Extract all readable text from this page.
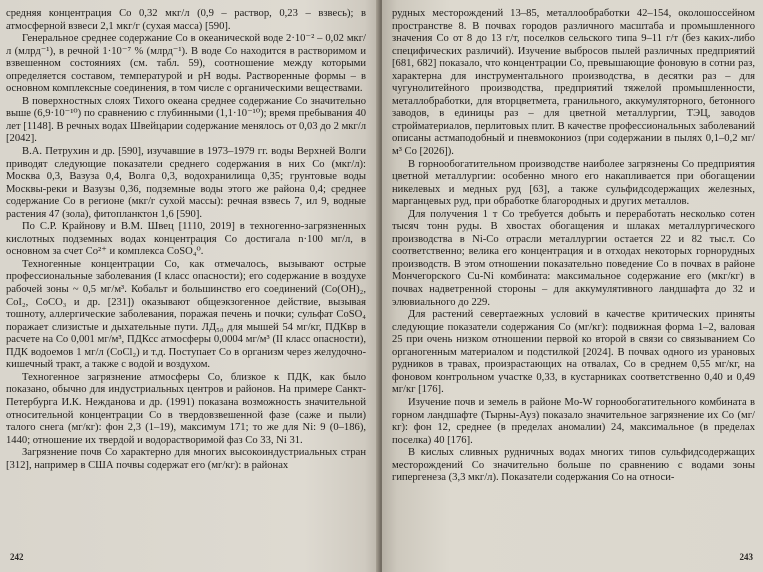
средняя концентрация Co 0,32 мкг/л (0,9 – раствор, 0,23 – взвесь); в атмосферной взвеси 2,1 мкг/г (сухая масса) [590].

Генеральное среднее содержание Co в океанической воде 2·10⁻² – 0,02 мкг/л (млрд⁻¹), в речной 1·10⁻⁷ % (млрд⁻¹). В воде Co находится в растворимом и взвешенном состояниях (см. табл. 59), соотношение между которыми определяется составом, температурой и pH воды. Растворенные формы – в основном комплексные соединения, в том числе с органическими веществами.

В поверхностных слоях Тихого океана среднее содержание Co значительно выше (6,9·10⁻¹⁰) по сравнению с глубинными (1,1·10⁻¹⁰); время пребывания 40 лет [1148]. В речных водах Швейцарии содержание менялось от 0,03 до 2 мкг/л [2042].

В.А. Петрухин и др. [590], изучавшие в 1973–1979 гг. воды Верхней Волги приводят следующие показатели среднего содержания в них Co (мкг/л): Москва 0,3, Вазуза 0,4, Волга 0,3, водохранилища 0,35; грунтовые воды Москвы-реки и Вазузы 0,36, подземные воды этого же района 0,4; среднее содержание Co в регионе (мкг/г сухой массы): речная взвесь 7, ил 9, водные растения 47 (зола), фитопланктон 1,6 [590].

По С.Р. Крайнову и В.М. Швец [1110, 2019] в техногенно-загрязненных кислотных подземных водах концентрация Co достигала n·100 мг/л, в основном за счет Co²⁺ и комплекса CoSO₄⁰.

Техногенные концентрации Co, как отмечалось, вызывают острые профессиональные заболевания (I класс опасности); его содержание в воздухе рабочей зоны ~ 0,5 мг/м³. Кобальт и большинство его соединений (Co(OH)₂, CoI₂, CoCO₃ и др. [231]) оказывают общеэкзогенное действие, вызывая тошноту, аллергические заболевания, поражая печень и почки; сульфат CoSO₄ поражает слизистые и дыхательные пути. ЛД₅₀ для мышей 54 мг/кг, ПДКвр в расчете на Co 0,001 мг/м³, ПДКсс атмосферы 0,0004 мг/м³ (II класс опасности), ПДК водоемов 1 мг/л (CoCl₂) и т.д. Поступает Co в организм через желудочно-кишечный тракт, а также с водой и воздухом.

Техногенное загрязнение атмосферы Co, близкое к ПДК, как было показано, обычно для индустриальных центров и районов. На примере Санкт-Петербурга И.К. Нежданова и др. (1991) показана возможность значительной относительной концентрации Co в твердовзвешенной фазе (саже и пыли) талого снега (мг/кг): фон 2,3 (1–19), максимум 171; то же для Ni: 9 (0–186), 1440; отношение их твердой и водорастворимой фаз Co 33, Ni 31.

Загрязнение почв Co характерно для многих высокоиндустриальных стран [312], например в США почвы содержат его (мг/кг): в районах

242

рудных месторождений 13–85, металлообработки 42–154, околошоссейном пространстве 8. В почвах городов различного масштаба и промышленного значения Co от 8 до 13 г/т, поселков сельского типа 9–11 г/т (без каких-либо специфических различий). Изучение выбросов пылей различных предприятий [681, 682] показало, что концентрации Co, превышающие фоновую в сотни раз, характерна для инструментального производства, в десятки раз – для чугунолитейного производства, предприятий тяжелой промышленности, металлобработки, для вторцветмета, гранильного, аккумуляторного, бетонного заводов, в единицы раз – для цветной металлургии, ТЭЦ, заводов стройматериалов, перлитовых плит. В качестве профессиональных заболеваний описаны астмаподобный и пневмокониоз (при содержании в пылях 0,1–0,2 мг/м³ Co [2026]).

В горнообогатительном производстве наиболее загрязнены Co предприятия цветной металлургии: особенно много его накапливается при обогащении никелевых и медных руд [63], а также сульфидсодержащих железных, марганцевых руд, при обработке благородных и других металлов.

Для получения 1 т Co требуется добыть и переработать несколько сотен тысяч тонн руды. В хвостах обогащения и шлаках металлургического производства в Ni-Co отрасли металлургии остается 22 и 82 тыс.т. Co соответственно; велика его концентрация и в отходах некоторых горнорудных производств. В этом отношении показательно поведение Co в почвах в районе Мончегорского Cu-Ni комбината: максимальное содержание его (мкг/кг) в почвах надветренной стороны – для аккумулятивного ландшафта до 32 и элювиального до 229.

Для растений севертаежных условий в качестве критических приняты следующие показатели содержания Co (мг/кг): подвижная форма 1–2, валовая 25 при очень низком отношении первой ко второй в связи со связыванием Co органогенным материалом и подстилкой [2024]. В почвах одного из урановых рудников в травах, произрастающих на отвалах, Co в среднем 0,55 мг/кг, на фоновом контрольном участке 0,33, в кустарниках соответственно 0,40 и 0,49 мг/кг [176].

Изучение почв и земель в районе Mo-W горнообогатительного комбината в горном ландшафте (Тырны-Ауз) показало значительное загрязнение их Co (мг/кг): фон 12, среднее (в пределах аномалии) 24, максимальное (в пределах поселка) 40 [176].

В кислых сливных рудничных водах многих типов сульфидсодержащих месторождений Co значительно больше по сравнению с водами зоны гипергенеза (3,3 мкг/л). Показатели содержания Co на относи-

243
